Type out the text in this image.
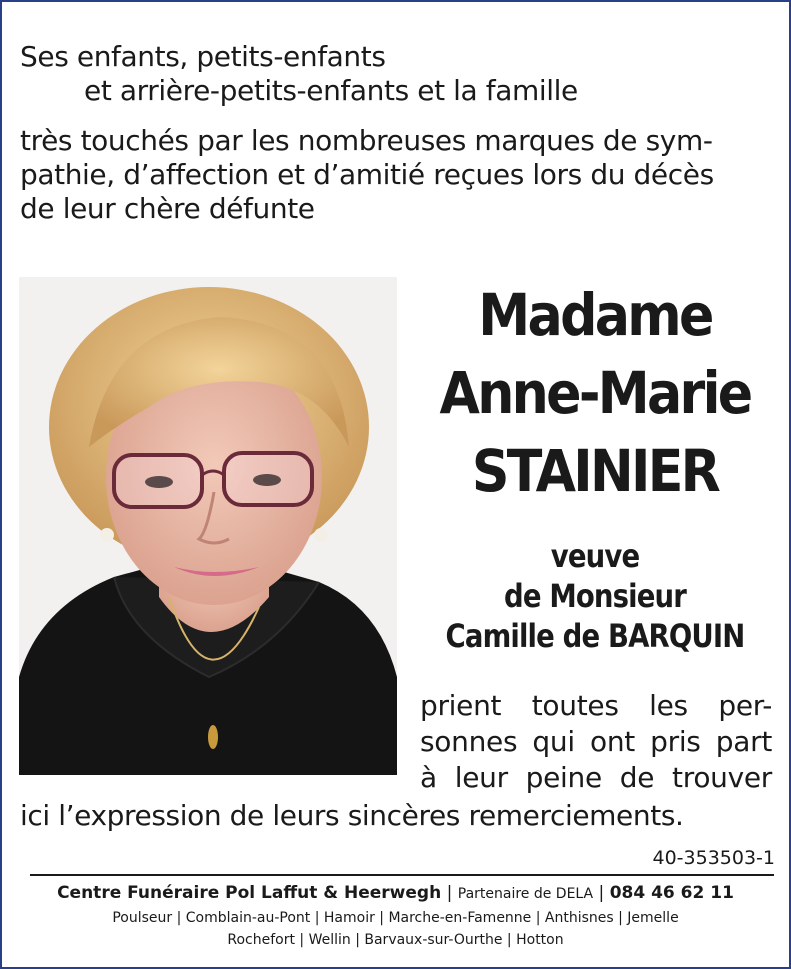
Ses enfants, petits-enfants
et arrière-petits-enfants et la famille
très touchés par les nombreuses marques de sym-
pathie, d’affection et d’amitié reçues lors du décès
de leur chère défunte
Madame
Anne-Marie
STAINIER
veuve
de Monsieur
Camille de BARQUIN
prient toutes les per-
sonnes qui ont pris part
à leur peine de trouver
ici l’expression de leurs sincères remerciements.
40-353503-1
Centre Funéraire Pol Laffut & Heerwegh | Partenaire de DELA | 084 46 62 11
Poulseur | Comblain-au-Pont | Hamoir | Marche-en-Famenne | Anthisnes | Jemelle
Rochefort | Wellin | Barvaux-sur-Ourthe | Hotton
